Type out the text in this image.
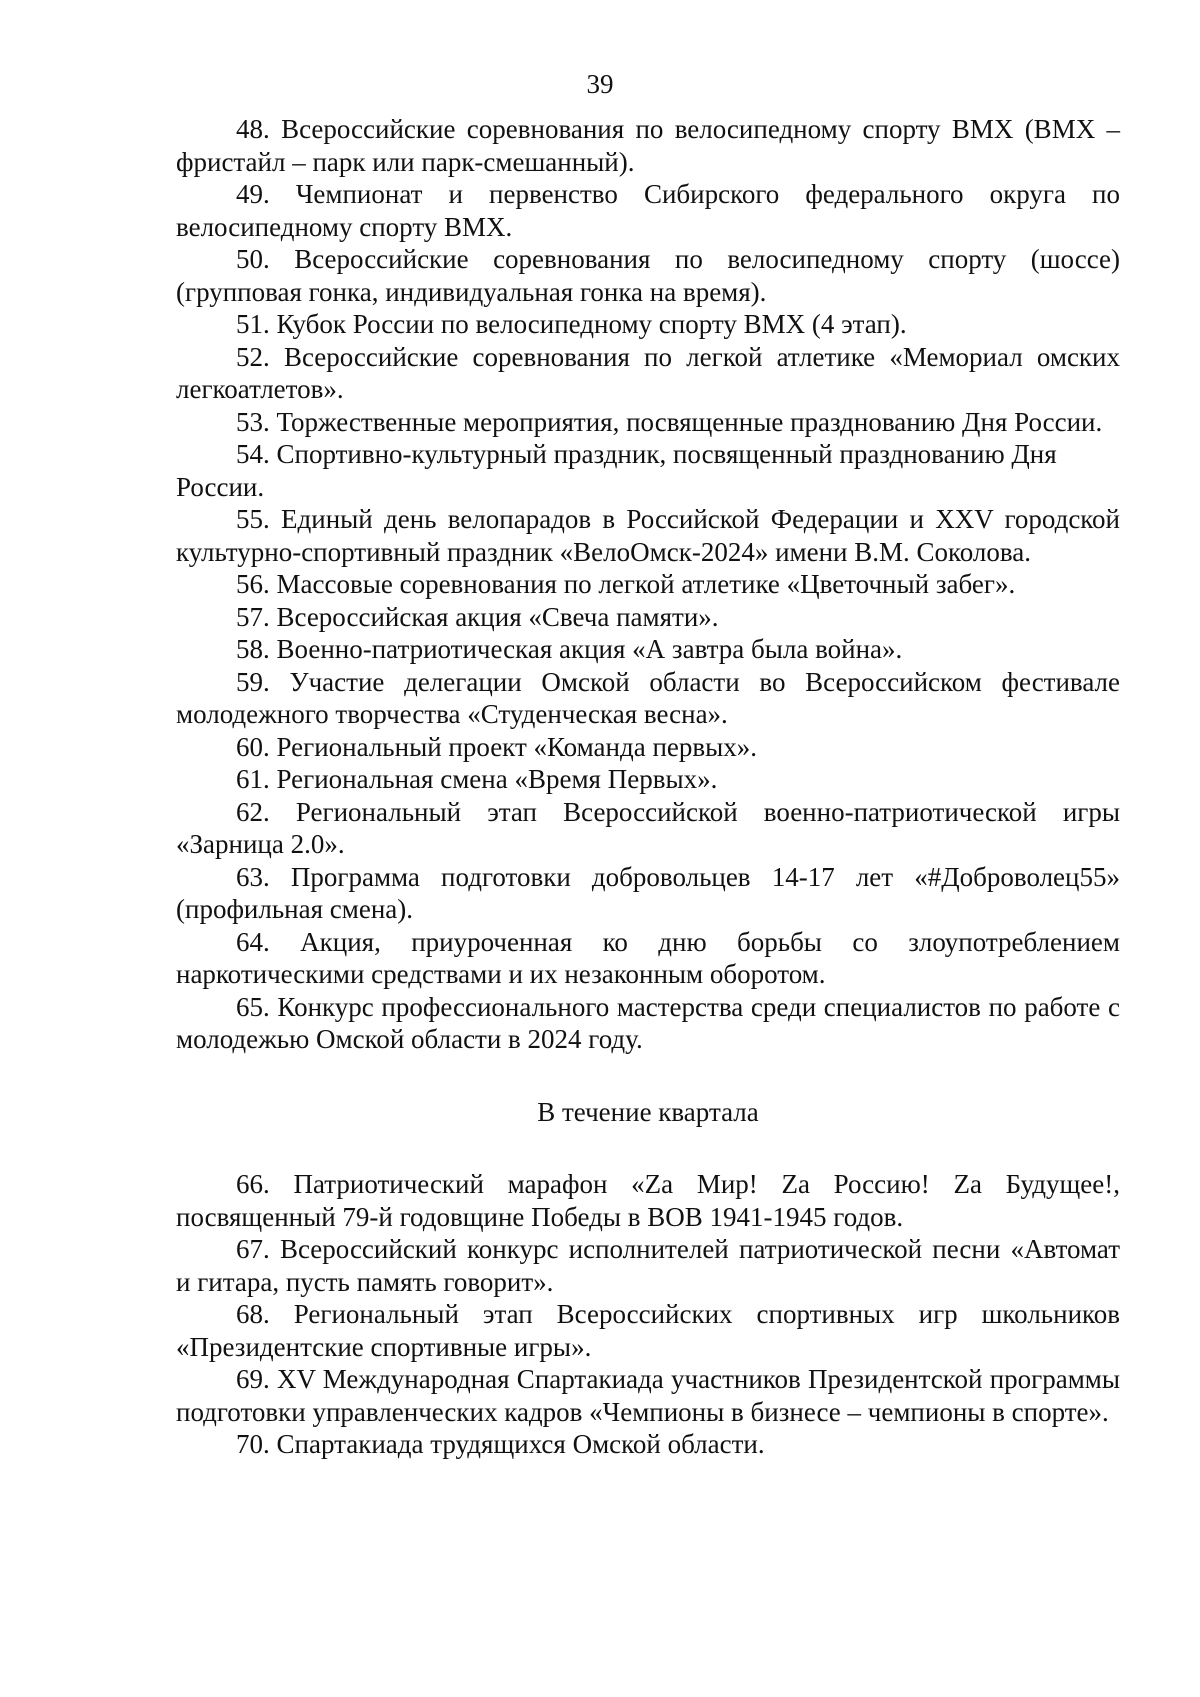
39

48. Всероссийские соревнования по велосипедному спорту ВМХ (ВМХ – фристайл – парк или парк-смешанный).

49. Чемпионат и первенство Сибирского федерального округа по велосипедному спорту ВМХ.

50. Всероссийские соревнования по велосипедному спорту (шоссе) (групповая гонка, индивидуальная гонка на время).

51. Кубок России по велосипедному спорту ВМХ (4 этап).

52. Всероссийские соревнования по легкой атлетике «Мемориал омских легкоатлетов».

53. Торжественные мероприятия, посвященные празднованию Дня России.

54. Спортивно-культурный праздник, посвященный празднованию Дня России.

55. Единый день велопарадов в Российской Федерации и XXV городской культурно-спортивный праздник «ВелоОмск-2024» имени В.М. Соколова.

56. Массовые соревнования по легкой атлетике «Цветочный забег».

57. Всероссийская акция «Свеча памяти».

58. Военно-патриотическая акция «А завтра была война».

59. Участие делегации Омской области во Всероссийском фестивале молодежного творчества «Студенческая весна».

60. Региональный проект «Команда первых».

61. Региональная смена «Время Первых».

62. Региональный этап Всероссийской военно-патриотической игры «Зарница 2.0».

63. Программа подготовки добровольцев 14-17 лет «#Доброволец55» (профильная смена).

64. Акция, приуроченная ко дню борьбы со злоупотреблением наркотическими средствами и их незаконным оборотом.

65. Конкурс профессионального мастерства среди специалистов по работе с молодежью Омской области в 2024 году.

В течение квартала

66. Патриотический марафон «Zа Мир! Zа Россию! Zа Будущее!, посвященный 79-й годовщине Победы в ВОВ 1941-1945 годов.

67. Всероссийский конкурс исполнителей патриотической песни «Автомат и гитара, пусть память говорит».

68. Региональный этап Всероссийских спортивных игр школьников «Президентские спортивные игры».

69. XV Международная Спартакиада участников Президентской программы подготовки управленческих кадров «Чемпионы в бизнесе – чемпионы в спорте».

70. Спартакиада трудящихся Омской области.
